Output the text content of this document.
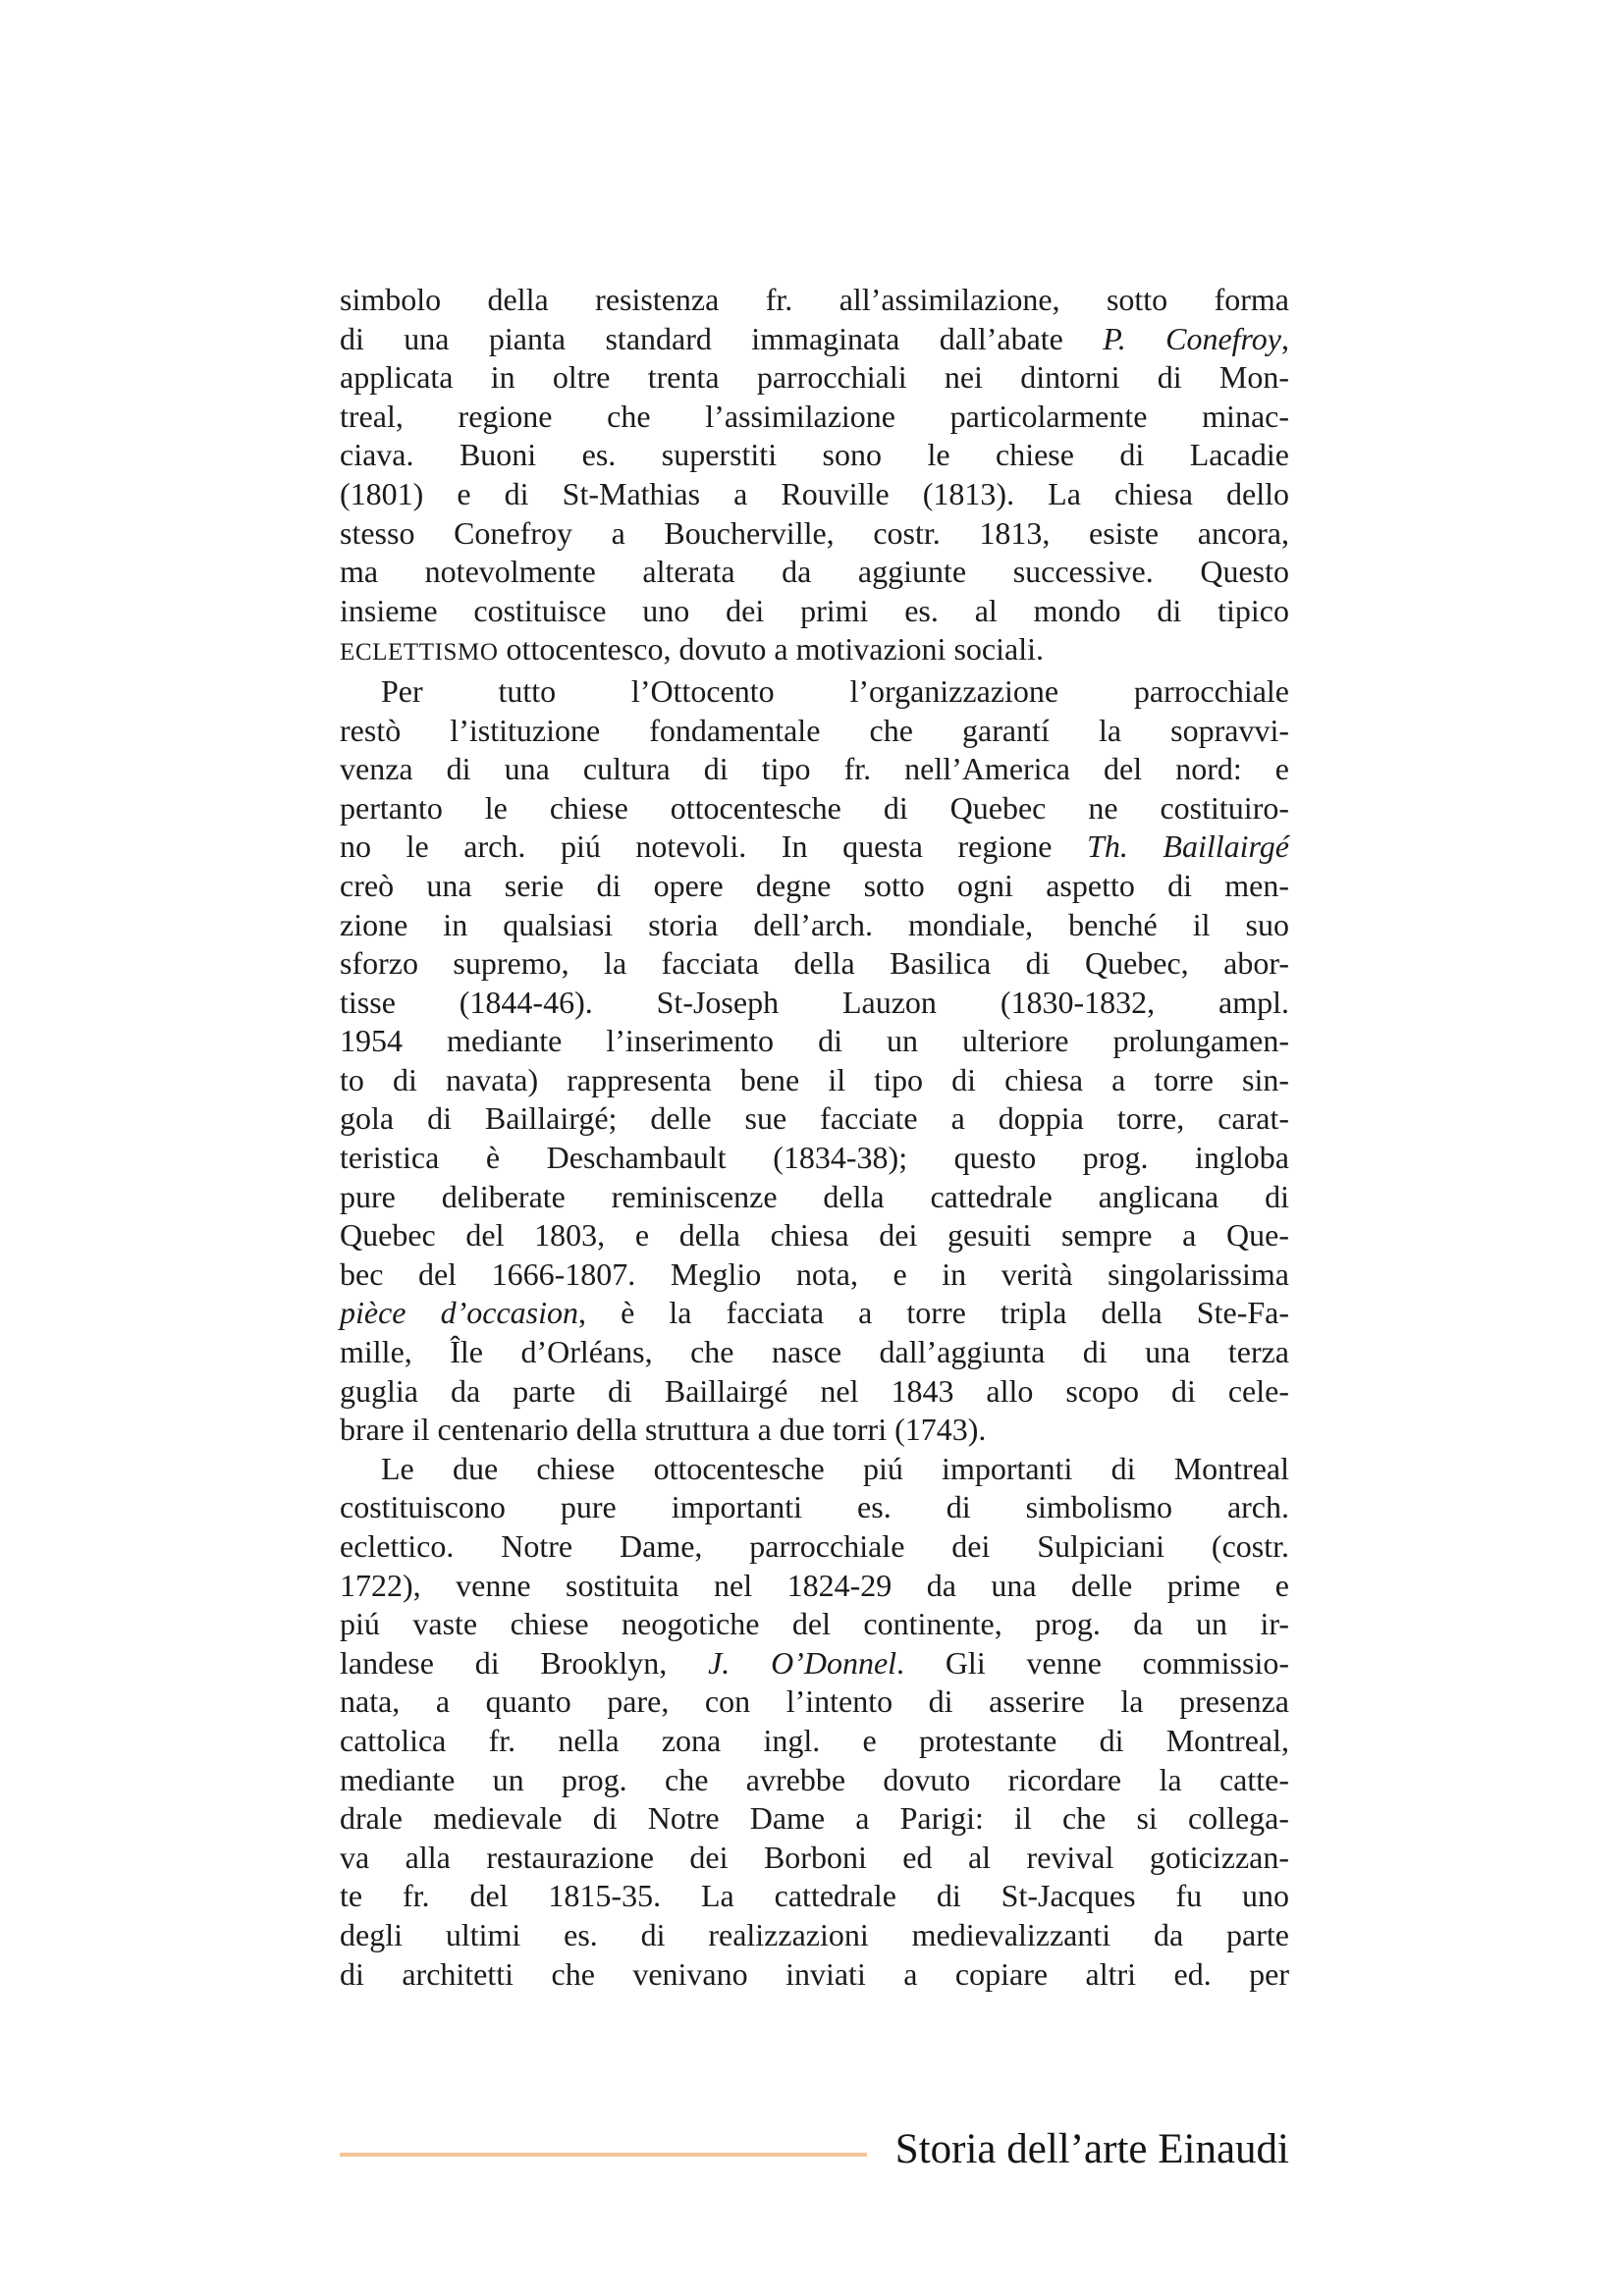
simbolo della resistenza fr. all’assimilazione, sotto forma
di una pianta standard immaginata dall’abate P. Conefroy,
applicata in oltre trenta parrocchiali nei dintorni di Mon-
treal, regione che l’assimilazione particolarmente minac-
ciava. Buoni es. superstiti sono le chiese di Lacadie
(1801) e di St-Mathias a Rouville (1813). La chiesa dello
stesso Conefroy a Boucherville, costr. 1813, esiste ancora,
ma notevolmente alterata da aggiunte successive. Questo
insieme costituisce uno dei primi es. al mondo di tipico
ECLETTISMO ottocentesco, dovuto a motivazioni sociali.
Per tutto l’Ottocento l’organizzazione parrocchiale
restò l’istituzione fondamentale che garantí la sopravvi-
venza di una cultura di tipo fr. nell’America del nord: e
pertanto le chiese ottocentesche di Quebec ne costituiro-
no le arch. piú notevoli. In questa regione Th. Baillairgé
creò una serie di opere degne sotto ogni aspetto di men-
zione in qualsiasi storia dell’arch. mondiale, benché il suo
sforzo supremo, la facciata della Basilica di Quebec, abor-
tisse (1844-46). St-Joseph Lauzon (1830-1832, ampl.
1954 mediante l’inserimento di un ulteriore prolungamen-
to di navata) rappresenta bene il tipo di chiesa a torre sin-
gola di Baillairgé; delle sue facciate a doppia torre, carat-
teristica è Deschambault (1834-38); questo prog. ingloba
pure deliberate reminiscenze della cattedrale anglicana di
Quebec del 1803, e della chiesa dei gesuiti sempre a Que-
bec del 1666-1807. Meglio nota, e in verità singolarissima
pièce d’occasion, è la facciata a torre tripla della Ste-Fa-
mille, Île d’Orléans, che nasce dall’aggiunta di una terza
guglia da parte di Baillairgé nel 1843 allo scopo di cele-
brare il centenario della struttura a due torri (1743).
Le due chiese ottocentesche piú importanti di Montreal
costituiscono pure importanti es. di simbolismo arch.
eclettico. Notre Dame, parrocchiale dei Sulpiciani (costr.
1722), venne sostituita nel 1824-29 da una delle prime e
piú vaste chiese neogotiche del continente, prog. da un ir-
landese di Brooklyn, J. O’Donnel. Gli venne commissio-
nata, a quanto pare, con l’intento di asserire la presenza
cattolica fr. nella zona ingl. e protestante di Montreal,
mediante un prog. che avrebbe dovuto ricordare la catte-
drale medievale di Notre Dame a Parigi: il che si collega-
va alla restaurazione dei Borboni ed al revival goticizzan-
te fr. del 1815-35. La cattedrale di St-Jacques fu uno
degli ultimi es. di realizzazioni medievalizzanti da parte
di architetti che venivano inviati a copiare altri ed. per
Storia dell’arte Einaudi
